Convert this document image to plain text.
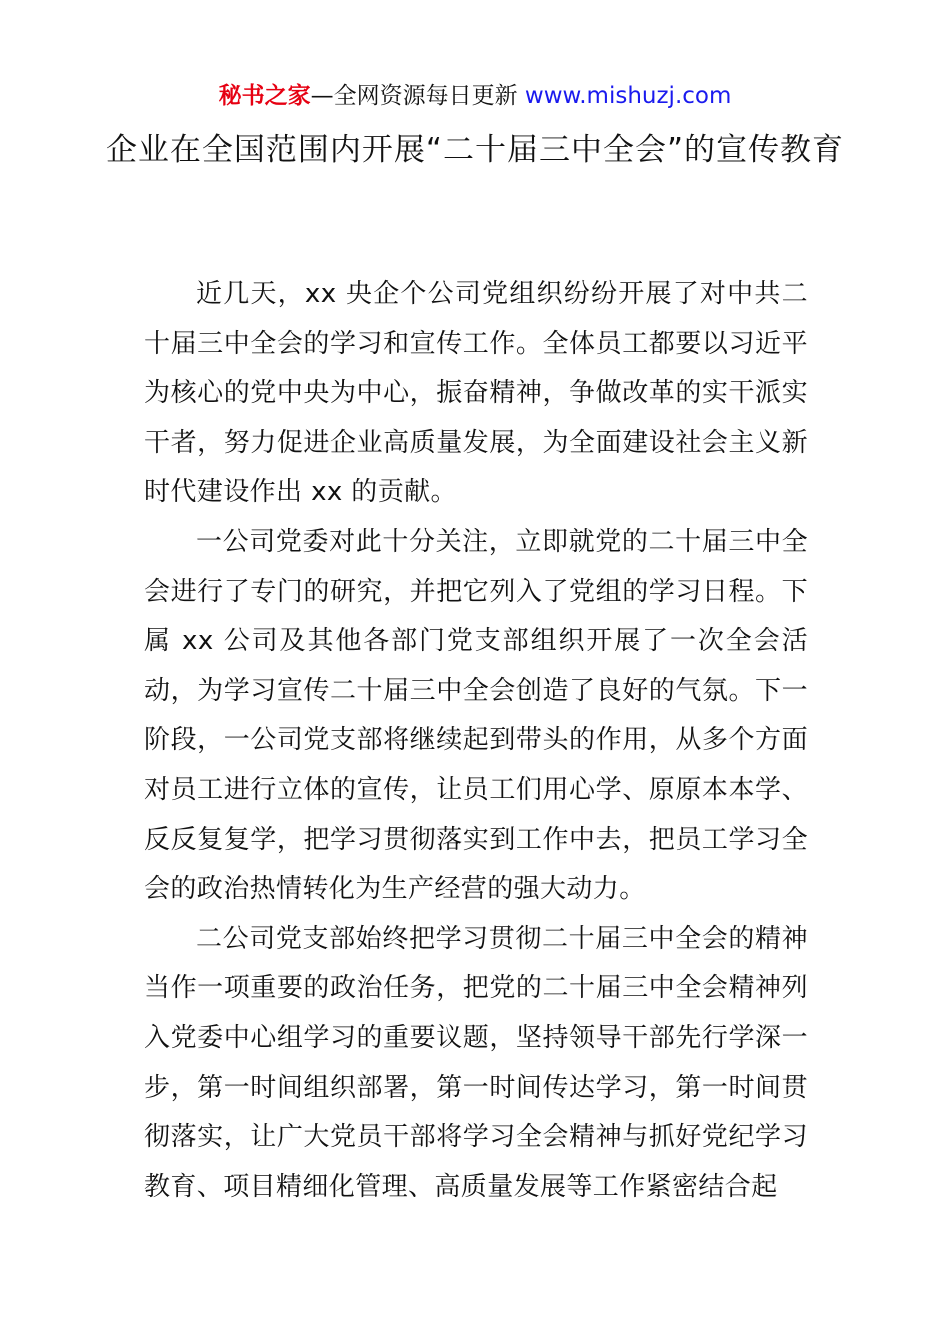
秘书之家—全网资源每日更新 www.mishuzj.com
企业在全国范围内开展“二十届三中全会”的宣传教育

近几天，xx 央企个公司党组织纷纷开展了对中共二十届三中全会的学习和宣传工作。全体员工都要以习近平为核心的党中央为中心，振奋精神，争做改革的实干派实干者，努力促进企业高质量发展，为全面建设社会主义新时代建设作出 xx 的贡献。

一公司党委对此十分关注，立即就党的二十届三中全会进行了专门的研究，并把它列入了党组的学习日程。下属 xx 公司及其他各部门党支部组织开展了一次全会活动，为学习宣传二十届三中全会创造了良好的气氛。下一阶段，一公司党支部将继续起到带头的作用，从多个方面对员工进行立体的宣传，让员工们用心学、原原本本学、反反复复学，把学习贯彻落实到工作中去，把员工学习全会的政治热情转化为生产经营的强大动力。

二公司党支部始终把学习贯彻二十届三中全会的精神当作一项重要的政治任务，把党的二十届三中全会精神列入党委中心组学习的重要议题，坚持领导干部先行学深一步，第一时间组织部署，第一时间传达学习，第一时间贯彻落实，让广大党员干部将学习全会精神与抓好党纪学习教育、项目精细化管理、高质量发展等工作紧密结合起
